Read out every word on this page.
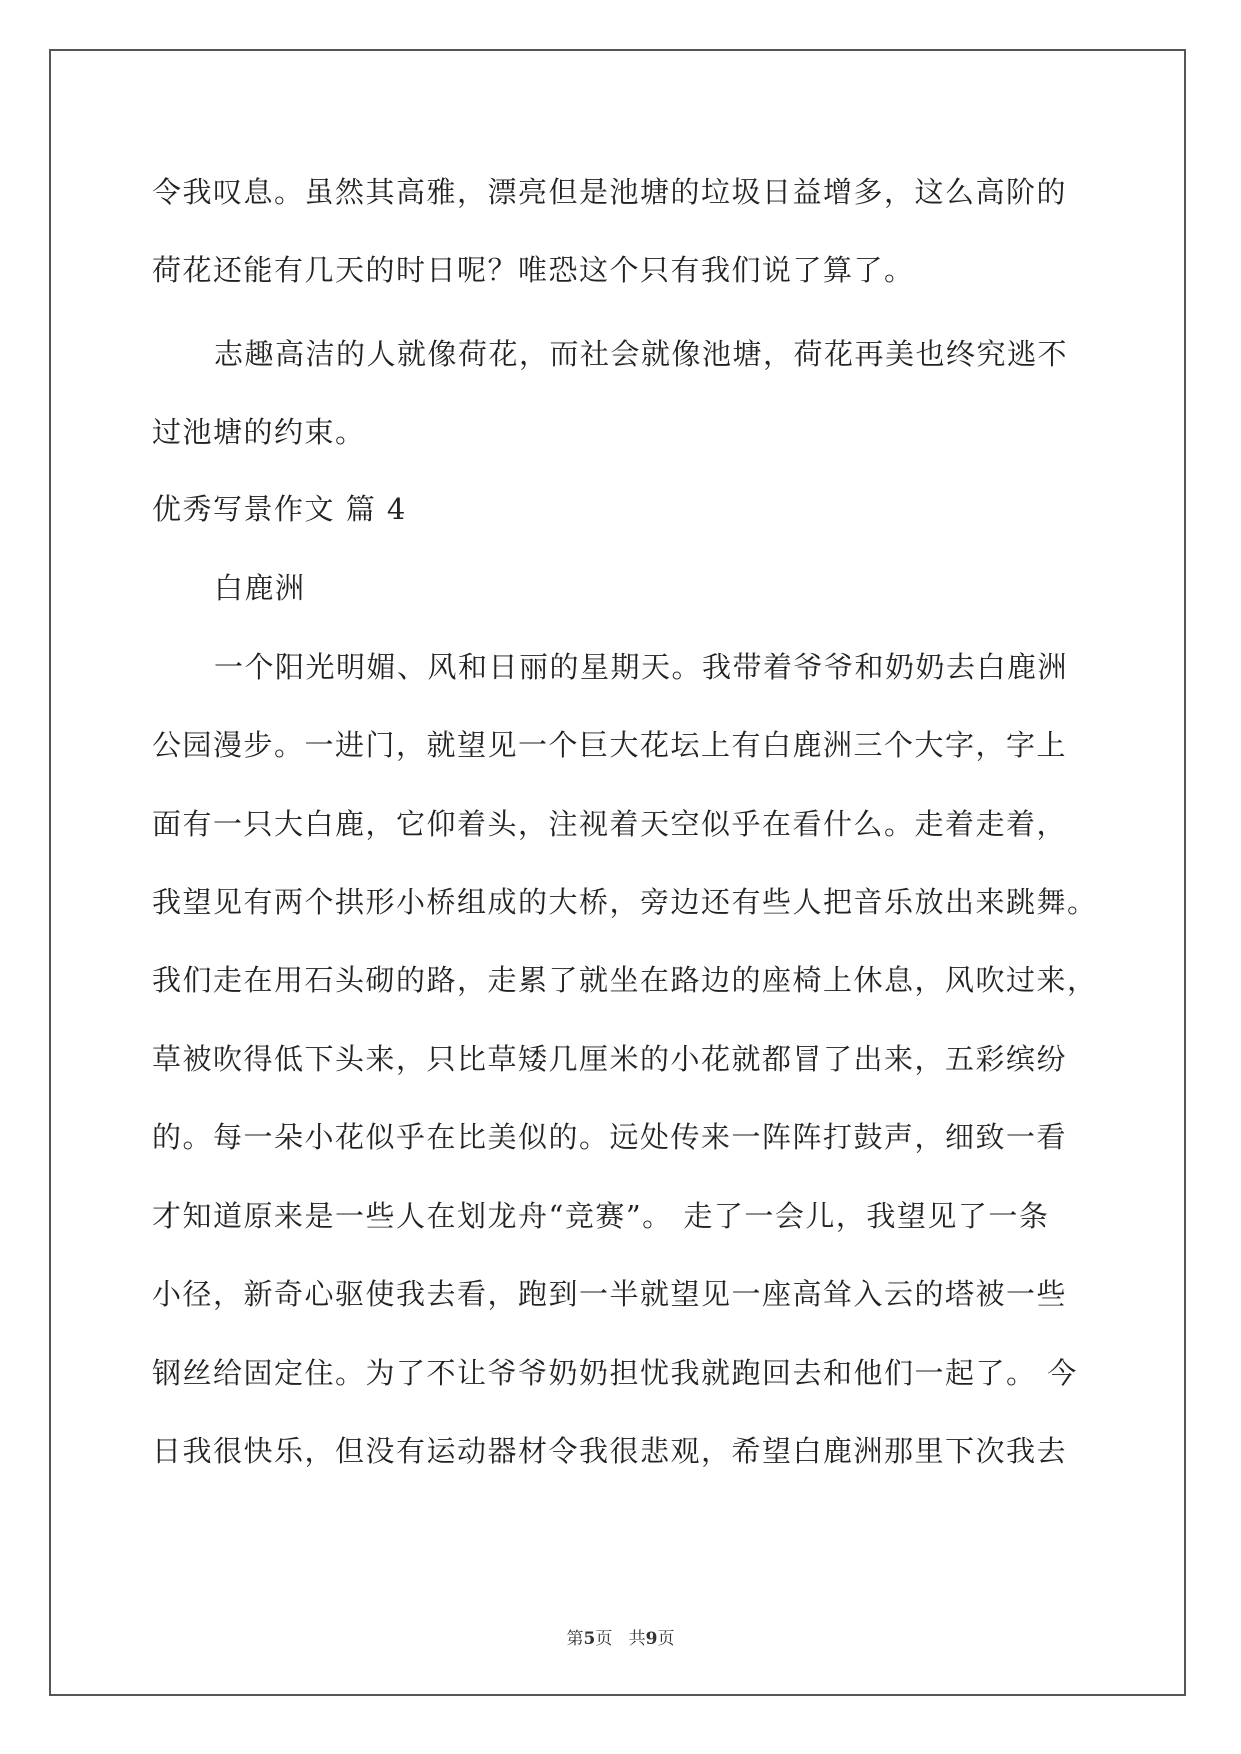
令我叹息。虽然其高雅，漂亮但是池塘的垃圾日益增多，这么高阶的
荷花还能有几天的时日呢？唯恐这个只有我们说了算了。
志趣高洁的人就像荷花，而社会就像池塘，荷花再美也终究逃不
过池塘的约束。
优秀写景作文 篇 4
白鹿洲
一个阳光明媚、风和日丽的星期天。我带着爷爷和奶奶去白鹿洲
公园漫步。一进门，就望见一个巨大花坛上有白鹿洲三个大字，字上
面有一只大白鹿，它仰着头，注视着天空似乎在看什么。走着走着，
我望见有两个拱形小桥组成的大桥，旁边还有些人把音乐放出来跳舞。
我们走在用石头砌的路，走累了就坐在路边的座椅上休息，风吹过来，
草被吹得低下头来，只比草矮几厘米的小花就都冒了出来，五彩缤纷
的。每一朵小花似乎在比美似的。远处传来一阵阵打鼓声，细致一看
才知道原来是一些人在划龙舟“竞赛”。 走了一会儿，我望见了一条
小径，新奇心驱使我去看，跑到一半就望见一座高耸入云的塔被一些
钢丝给固定住。为了不让爷爷奶奶担忧我就跑回去和他们一起了。 今
日我很快乐，但没有运动器材令我很悲观，希望白鹿洲那里下次我去
第5页   共9页
